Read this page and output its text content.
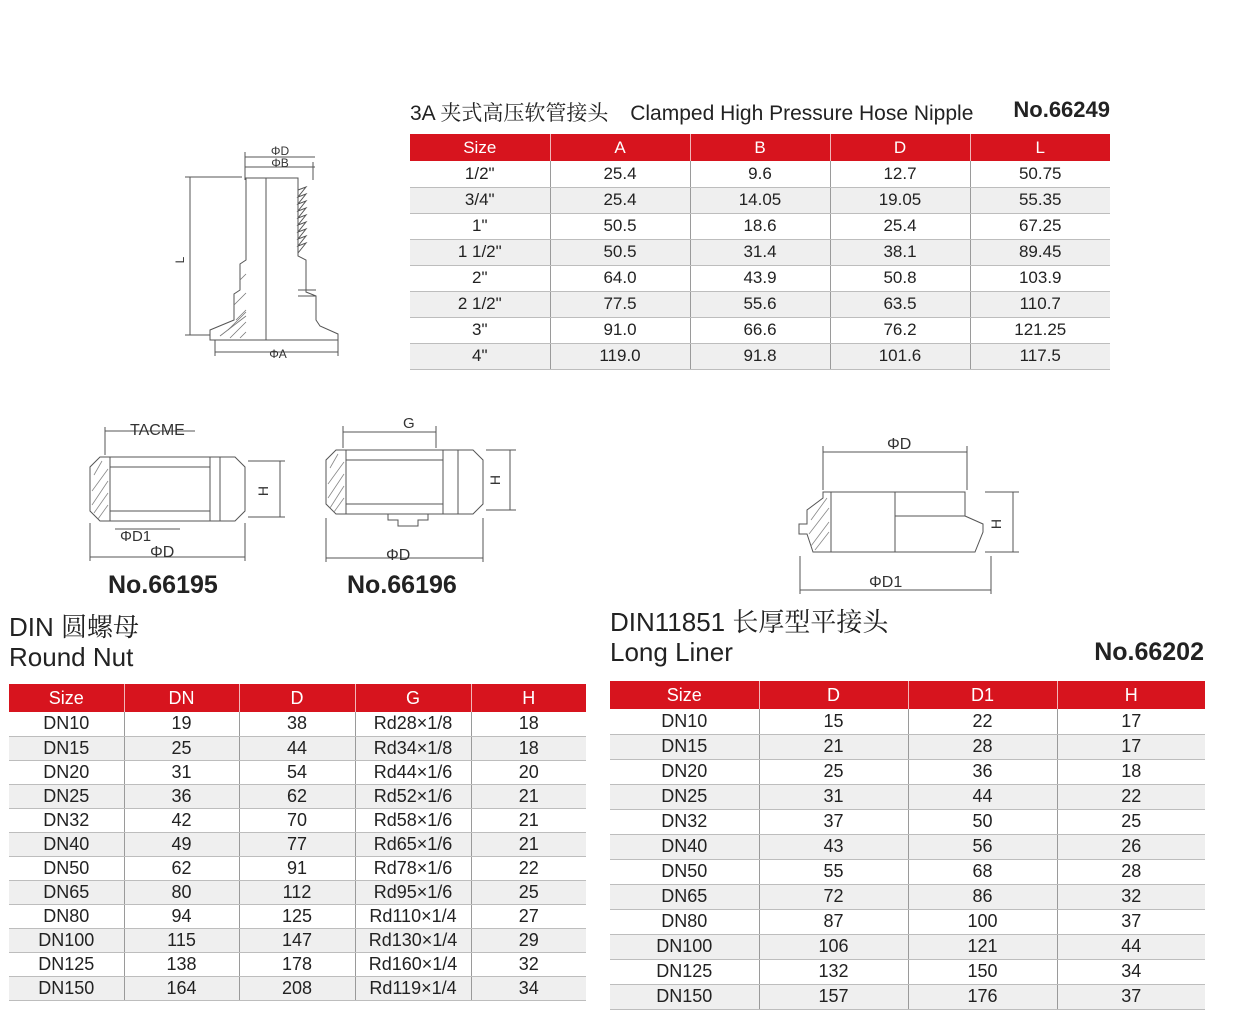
3A 夹式高压软管接头 Clamped High Pressure Hose Nipple No.66249
ΦD
ΦB
ΦA
L
Size	A	B	D	L
1/2"	25.4	9.6	12.7	50.75
3/4"	25.4	14.05	19.05	55.35
1"	50.5	18.6	25.4	67.25
1 1/2"	50.5	31.4	38.1	89.45
2"	64.0	43.9	50.8	103.9
2 1/2"	77.5	55.6	63.5	110.7
3"	91.0	66.6	76.2	121.25
4"	119.0	91.8	101.6	117.5
TACME
H
ΦD1
ΦD
No.66195
G
H
ΦD
No.66196
ΦD
H
ΦD1
DIN 圆螺母
Round Nut
DIN11851 长厚型平接头
Long Liner	No.66202
Size	DN	D	G	H
DN10	19	38	Rd28×1/8	18
DN15	25	44	Rd34×1/8	18
DN20	31	54	Rd44×1/6	20
DN25	36	62	Rd52×1/6	21
DN32	42	70	Rd58×1/6	21
DN40	49	77	Rd65×1/6	21
DN50	62	91	Rd78×1/6	22
DN65	80	112	Rd95×1/6	25
DN80	94	125	Rd110×1/4	27
DN100	115	147	Rd130×1/4	29
DN125	138	178	Rd160×1/4	32
DN150	164	208	Rd119×1/4	34
Size	D	D1	H
DN10	15	22	17
DN15	21	28	17
DN20	25	36	18
DN25	31	44	22
DN32	37	50	25
DN40	43	56	26
DN50	55	68	28
DN65	72	86	32
DN80	87	100	37
DN100	106	121	44
DN125	132	150	34
DN150	157	176	37
